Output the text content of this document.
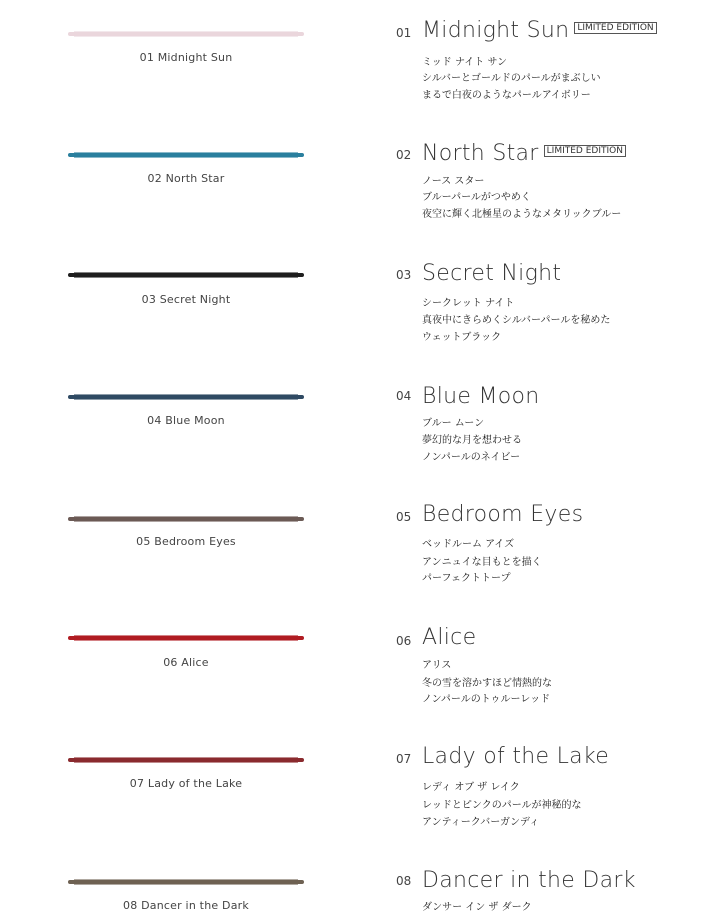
01 Midnight Sun
01 Midnight Sun LIMITED EDITION
ミッド ナイト サン
シルバーとゴールドのパールがまぶしい
まるで白夜のようなパールアイボリー
02 North Star
02 North Star LIMITED EDITION
ノース スター
ブルーパールがつやめく
夜空に輝く北極星のようなメタリックブルー
03 Secret Night
03 Secret Night
シークレット ナイト
真夜中にきらめくシルバーパールを秘めた
ウェットブラック
04 Blue Moon
04 Blue Moon
ブルー ムーン
夢幻的な月を想わせる
ノンパールのネイビー
05 Bedroom Eyes
05 Bedroom Eyes
ベッドルーム アイズ
アンニュイな目もとを描く
パーフェクトトープ
06 Alice
06 Alice
アリス
冬の雪を溶かすほど情熱的な
ノンパールのトゥルーレッド
07 Lady of the Lake
07 Lady of the Lake
レディ オブ ザ レイク
レッドとピンクのパールが神秘的な
アンティークバーガンディ
08 Dancer in the Dark
08 Dancer in the Dark
ダンサー イン ザ ダーク
